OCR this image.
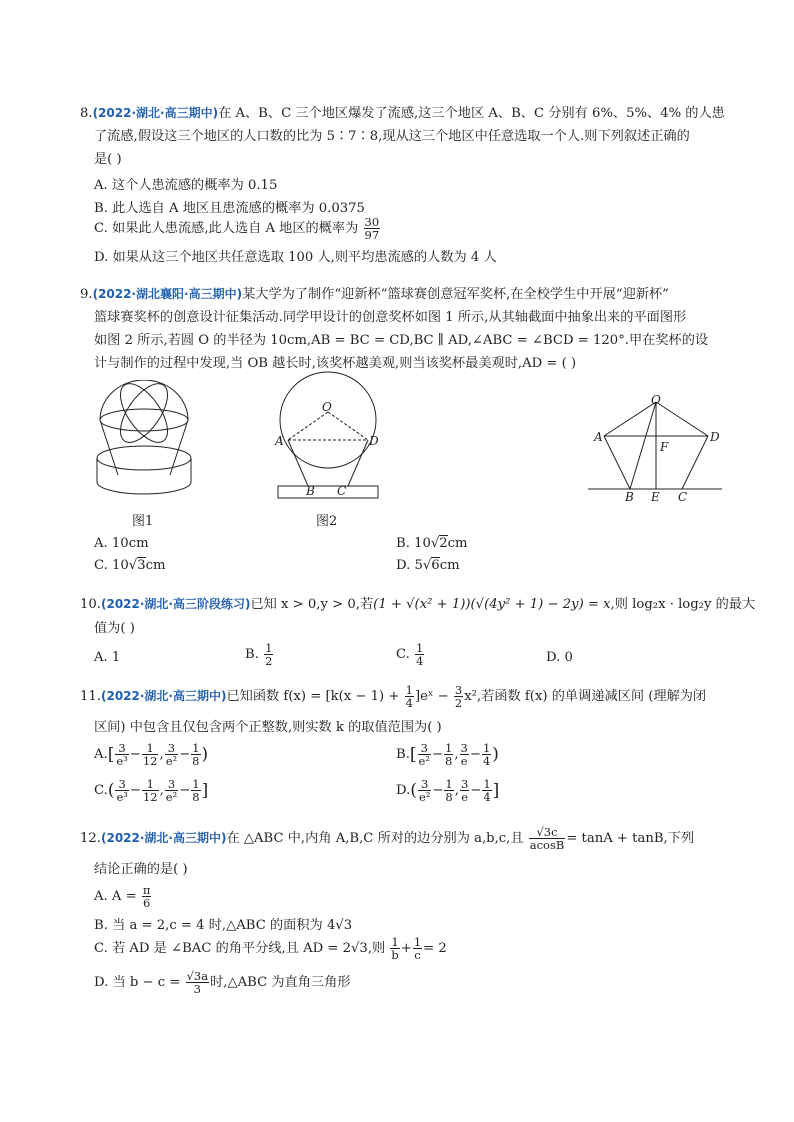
8.(2022·湖北·高三期中)在 A、B、C 三个地区爆发了流感,这三个地区 A、B、C 分别有 6%、5%、4% 的人患
了流感,假设这三个地区的人口数的比为 5∶7∶8,现从这三个地区中任意选取一个人.则下列叙述正确的
是( )
A. 这个人患流感的概率为 0.15
B. 此人选自 A 地区且患流感的概率为 0.0375
C. 如果此人患流感,此人选自 A 地区的概率为 $\frac{30}{97}$
D. 如果从这三个地区共任意选取 100 人,则平均患流感的人数为 4 人
9.(2022·湖北襄阳·高三期中)某大学为了制作“迎新杯”篮球赛创意冠军奖杯,在全校学生中开展“迎新杯”
篮球赛奖杯的创意设计征集活动.同学甲设计的创意奖杯如图 1 所示,从其轴截面中抽象出来的平面图形
如图 2 所示,若圆 O 的半径为 10cm,AB = BC = CD,BC ∥ AD,∠ABC = ∠BCD = 120°.甲在奖杯的设
计与制作的过程中发现,当 OB 越长时,该奖杯越美观,则当该奖杯最美观时,AD = ( )
图1
O
A	D
B C
图2
O
A	D
F
B E C
A. 10cm	B. 10√2cm
C. 10√3cm	D. 5√6cm
10.(2022·湖北·高三阶段练习)已知 x > 0,y > 0,若(1 + √(x² + 1))(√(4y² + 1) − 2y) = x,则 log₂x · log₂y 的最大
值为( )
A. 1	B. $\frac{1}{2}$	C. $\frac{1}{4}$	D. 0
11.(2022·湖北·高三期中)已知函数 $f(x) = [k(x - 1) + \frac{1}{4}$ ]eˣ − $\frac{3}{2} x^2$,若函数 f(x) 的单调递减区间 (理解为闭
区间) 中包含且仅包含两个正整数,则实数 k 的取值范围为( )
$A.[ \frac{3}{\text{e³}} - \frac{1}{12}$ , $\frac{3}{\text{e²}} - \frac{1}{8}$ )	$B.[ \frac{3}{\text{e²}} - \frac{1}{8}$ , $\frac{3}{e} - \frac{1}{4}$ )
$C.( \frac{3}{\text{e³}} - \frac{1}{12}$ , $\frac{3}{\text{e²}} - \frac{1}{8}$ ]	$D.( \frac{3}{\text{e²}} - \frac{1}{8}$ , $\frac{3}{e} - \frac{1}{4}$ ]
12.(2022·湖北·高三期中)在 △ABC 中,内角 A,B,C 所对的边分别为 a,b,c,且 $\frac{√3c}{acosB} = \tan A + \tan B$,下列
结论正确的是( )
A. $A = \frac{\pi}{6}$
B. 当 a = 2,c = 4 时,△ABC 的面积为 4√3
C. 若 AD 是 ∠BAC 的角平分线,且 AD = 2√3,则 $\frac{1}{b} + \frac{1}{c} = 2$
D. 当 $b - c = \frac{√3a}{3}$ 时,△ABC 为直角三角形
